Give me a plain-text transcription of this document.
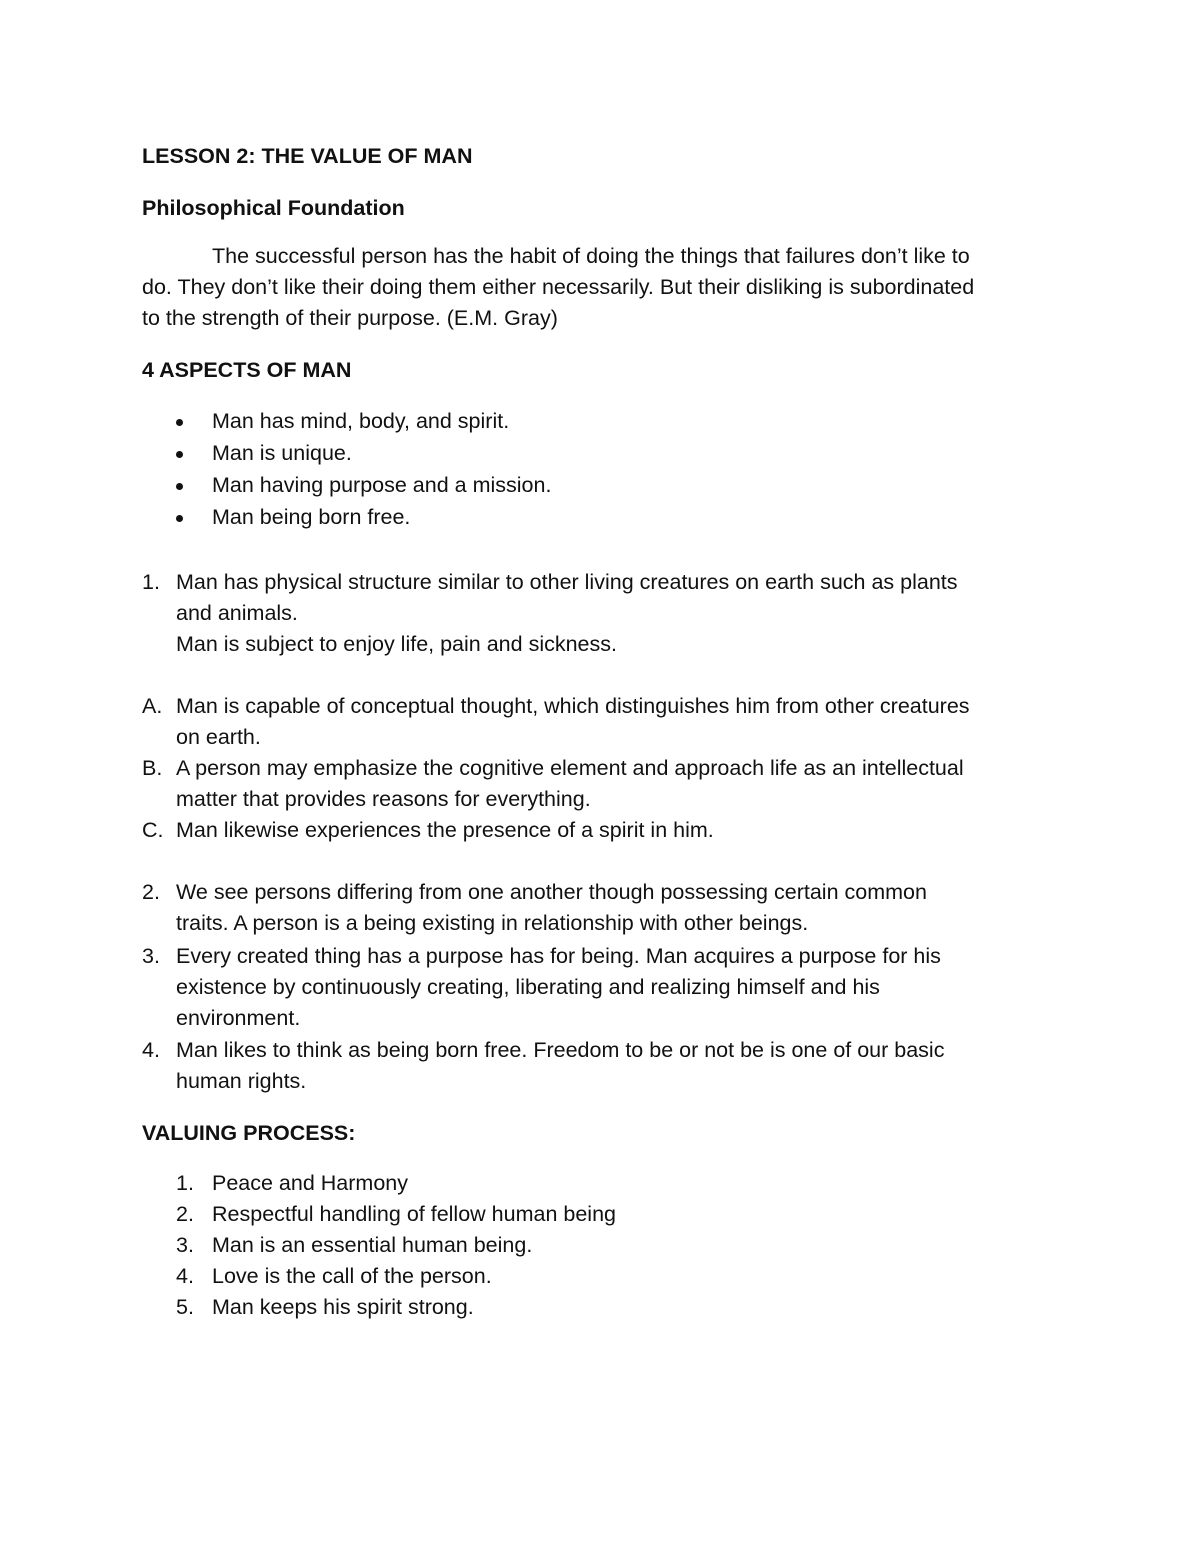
LESSON 2: THE VALUE OF MAN
Philosophical Foundation
The successful person has the habit of doing the things that failures don’t like to
do. They don’t like their doing them either necessarily. But their disliking is subordinated
to the strength of their purpose. (E.M. Gray)
4 ASPECTS OF MAN
Man has mind, body, and spirit.
Man is unique.
Man having purpose and a mission.
Man being born free.
1. Man has physical structure similar to other living creatures on earth such as plants
and animals.
Man is subject to enjoy life, pain and sickness.
A. Man is capable of conceptual thought, which distinguishes him from other creatures
on earth.
B. A person may emphasize the cognitive element and approach life as an intellectual
matter that provides reasons for everything.
C. Man likewise experiences the presence of a spirit in him.
2. We see persons differing from one another though possessing certain common
traits. A person is a being existing in relationship with other beings.
3. Every created thing has a purpose has for being. Man acquires a purpose for his
existence by continuously creating, liberating and realizing himself and his
environment.
4. Man likes to think as being born free. Freedom to be or not be is one of our basic
human rights.
VALUING PROCESS:
1. Peace and Harmony
2. Respectful handling of fellow human being
3. Man is an essential human being.
4. Love is the call of the person.
5. Man keeps his spirit strong.
